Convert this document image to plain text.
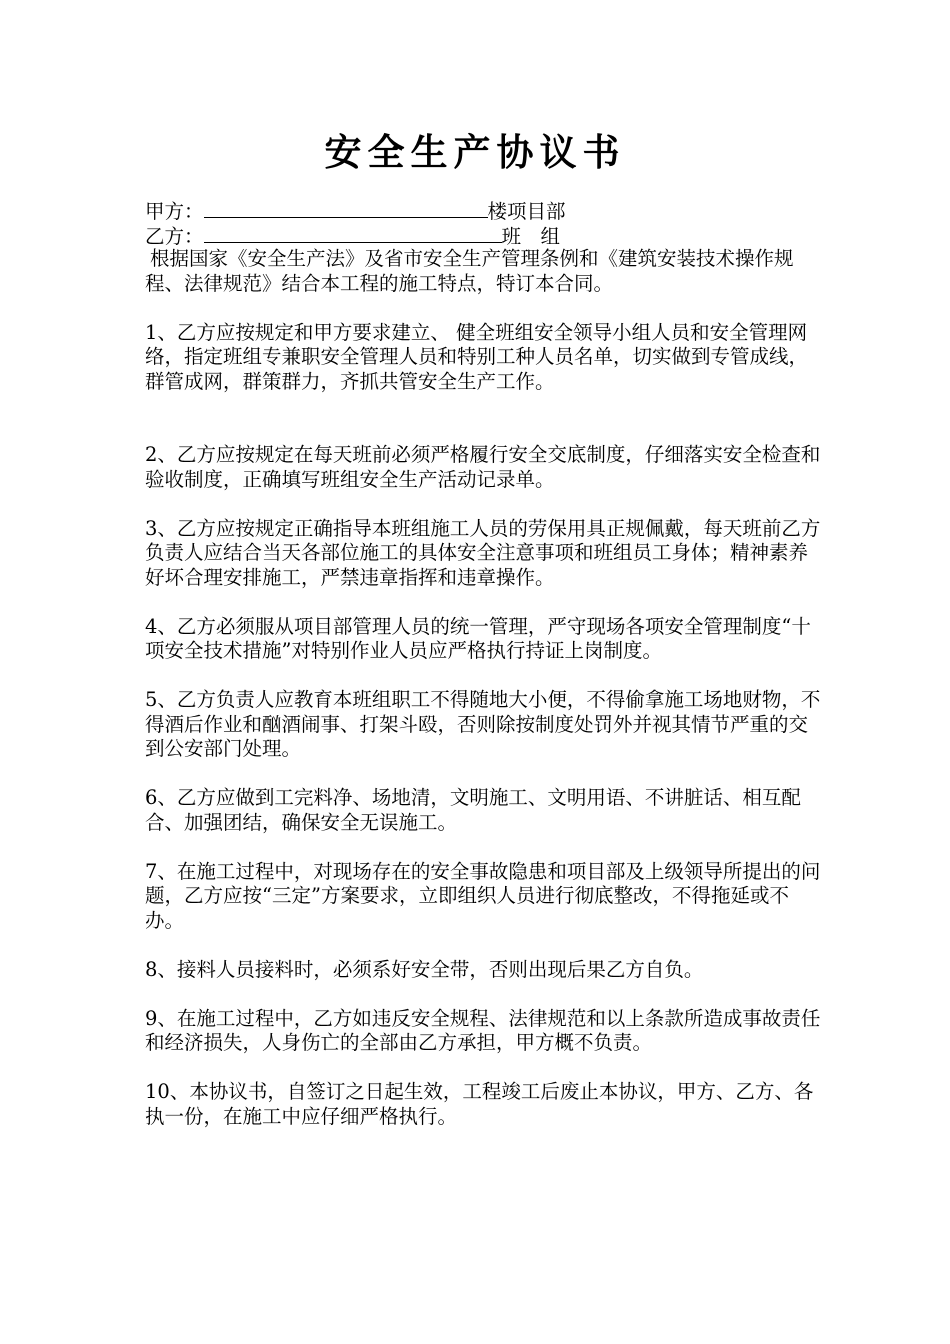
安全生产协议书
甲方：	楼项目部
乙方：	班　组

根据国家《安全生产法》及省市安全生产管理条例和《建筑安装技术操作规程、法律规范》结合本工程的施工特点，特订本合同。

1、乙方应按规定和甲方要求建立、 健全班组安全领导小组人员和安全管理网络，指定班组专兼职安全管理人员和特别工种人员名单，切实做到专管成线，群管成网，群策群力，齐抓共管安全生产工作。

2、乙方应按规定在每天班前必须严格履行安全交底制度，仔细落实安全检查和验收制度，正确填写班组安全生产活动记录单。

3、乙方应按规定正确指导本班组施工人员的劳保用具正规佩戴，每天班前乙方负责人应结合当天各部位施工的具体安全注意事项和班组员工身体；精神素养好坏合理安排施工，严禁违章指挥和违章操作。

4、乙方必须服从项目部管理人员的统一管理，严守现场各项安全管理制度“十项安全技术措施”对特别作业人员应严格执行持证上岗制度。

5、乙方负责人应教育本班组职工不得随地大小便，不得偷拿施工场地财物，不得酒后作业和酗酒闹事、打架斗殴，否则除按制度处罚外并视其情节严重的交到公安部门处理。

6、乙方应做到工完料净、场地清，文明施工、文明用语、不讲脏话、相互配合、加强团结，确保安全无误施工。

7、在施工过程中，对现场存在的安全事故隐患和项目部及上级领导所提出的问题，乙方应按“三定”方案要求，立即组织人员进行彻底整改，不得拖延或不办。

8、接料人员接料时，必须系好安全带，否则出现后果乙方自负。

9、在施工过程中，乙方如违反安全规程、法律规范和以上条款所造成事故责任和经济损失，人身伤亡的全部由乙方承担，甲方概不负责。

10、本协议书，自签订之日起生效，工程竣工后废止本协议，甲方、乙方、各执一份，在施工中应仔细严格执行。
